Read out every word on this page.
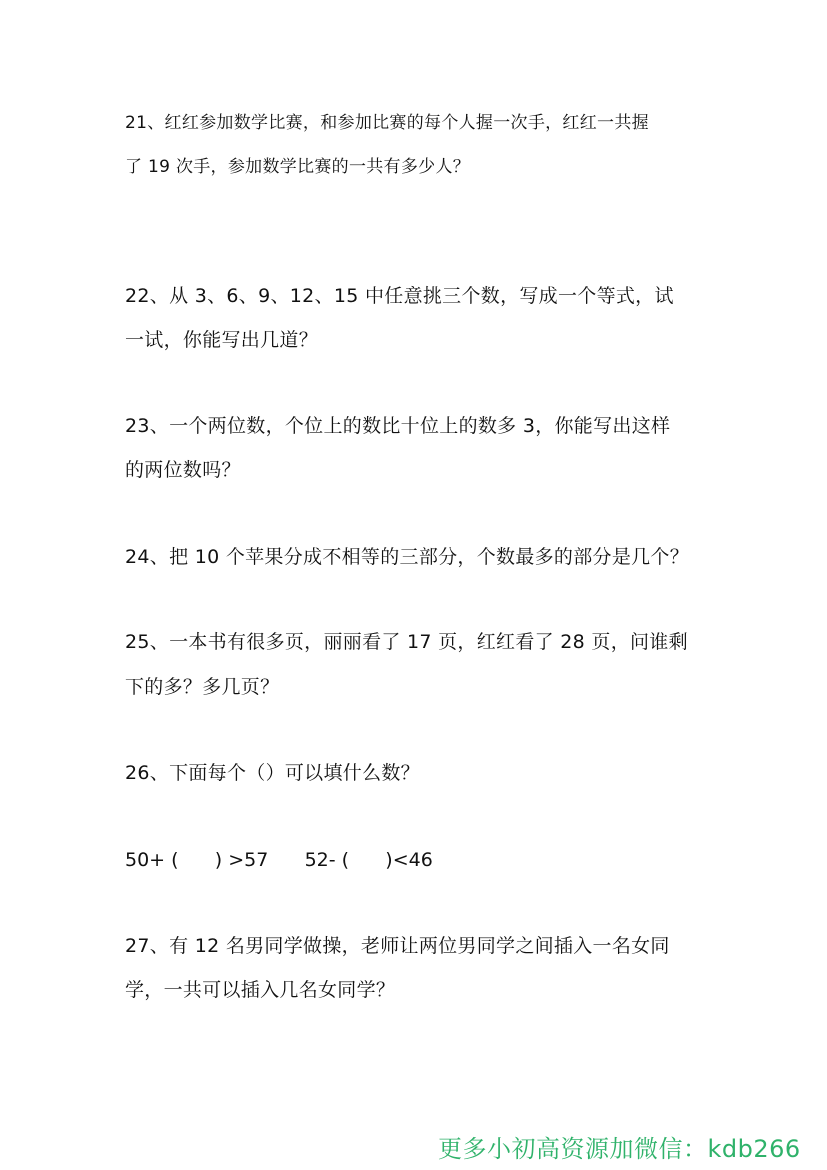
21、红红参加数学比赛，和参加比赛的每个人握一次手，红红一共握
了 19 次手，参加数学比赛的一共有多少人？
22、从 3、6、9、12、15 中任意挑三个数，写成一个等式，试
一试，你能写出几道？
23、一个两位数，个位上的数比十位上的数多 3，你能写出这样
的两位数吗？
24、把 10 个苹果分成不相等的三部分，个数最多的部分是几个？
25、一本书有很多页，丽丽看了 17 页，红红看了 28 页，问谁剩
下的多？多几页？
26、下面每个（）可以填什么数？
50+ (      ) >57      52- (      )<46
27、有 12 名男同学做操，老师让两位男同学之间插入一名女同
学，一共可以插入几名女同学？
更多小初高资源加微信：kdb266
